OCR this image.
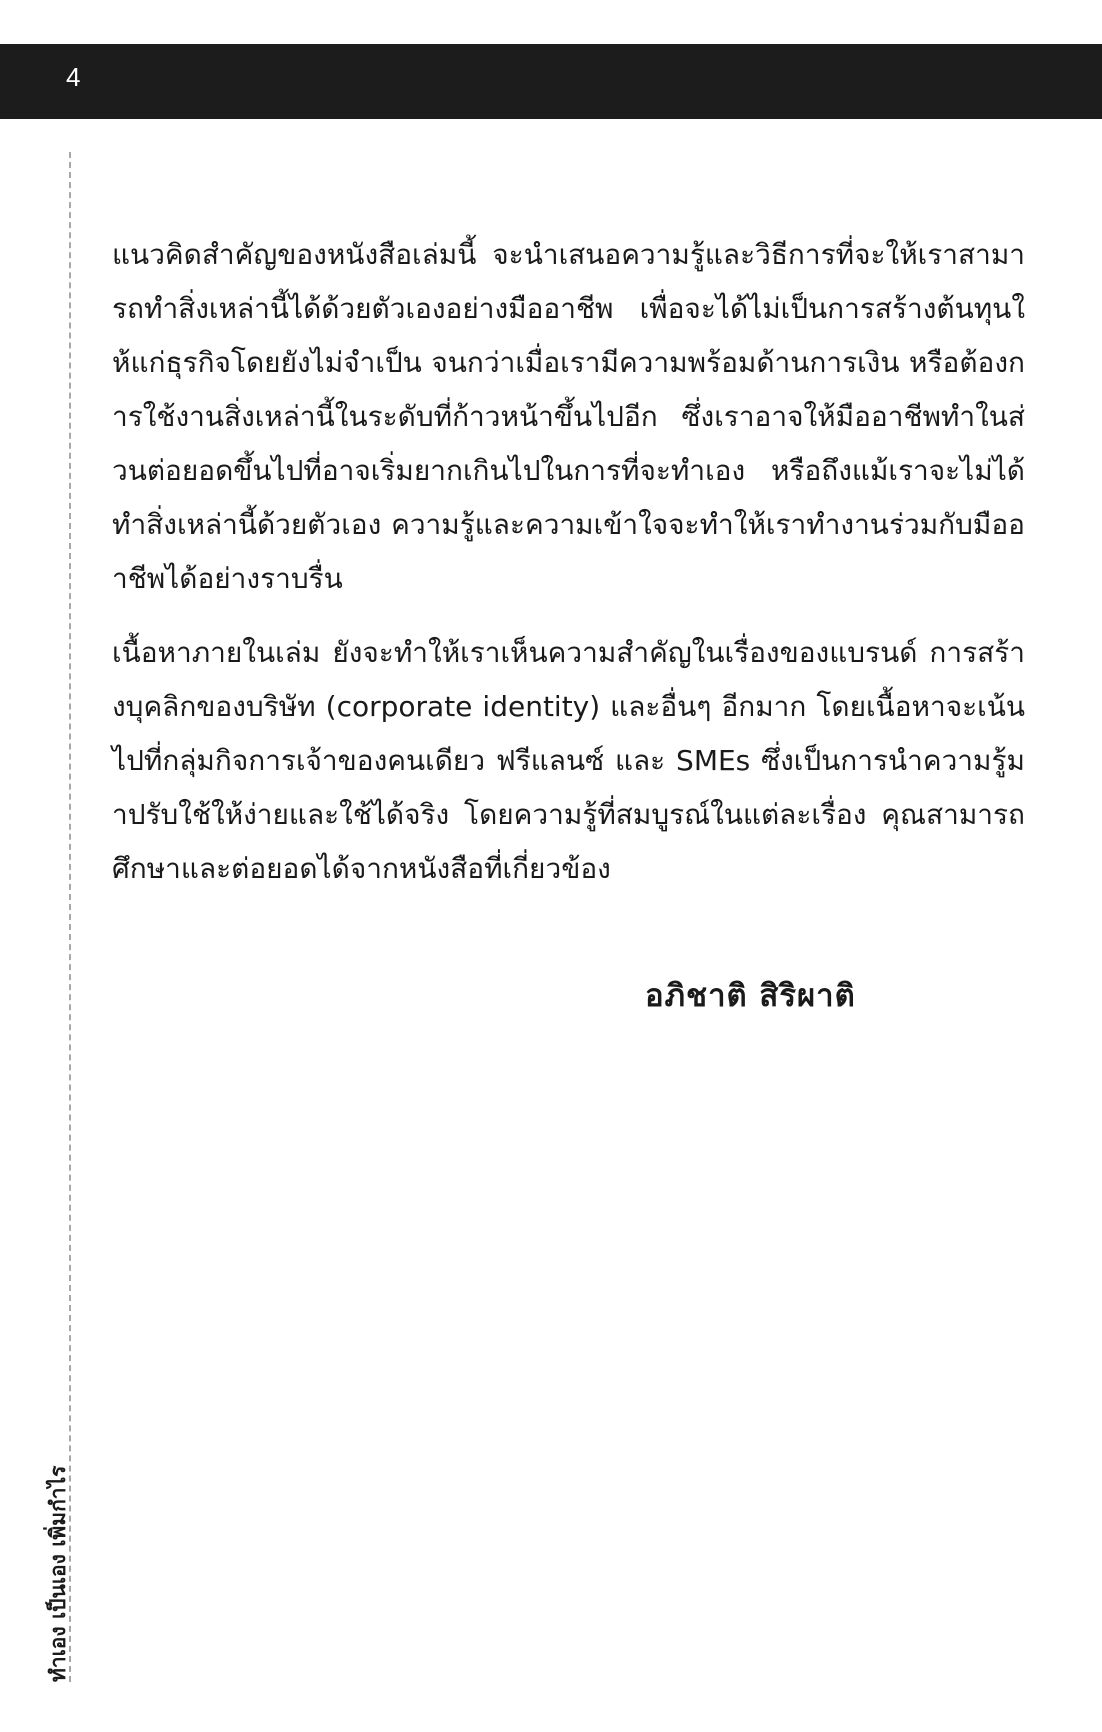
4
ทำเอง เป็นเอง เพิ่มกำไร

แนวคิดสำคัญของหนังสือเล่มนี้ จะนำเสนอความรู้และวิธีการที่จะให้เราสามารถทำสิ่งเหล่านี้ได้ด้วยตัวเองอย่างมืออาชีพ เพื่อจะได้ไม่เป็นการสร้างต้นทุนให้แก่ธุรกิจโดยยังไม่จำเป็น จนกว่าเมื่อเรามีความพร้อมด้านการเงิน หรือต้องการใช้งานสิ่งเหล่านี้ในระดับที่ก้าวหน้าขึ้นไปอีก ซึ่งเราอาจให้มืออาชีพทำในส่วนต่อยอดขึ้นไปที่อาจเริ่มยากเกินไปในการที่จะทำเอง หรือถึงแม้เราจะไม่ได้ทำสิ่งเหล่านี้ด้วยตัวเอง ความรู้และความเข้าใจจะทำให้เราทำงานร่วมกับมืออาชีพได้อย่างราบรื่น

เนื้อหาภายในเล่ม ยังจะทำให้เราเห็นความสำคัญในเรื่องของแบรนด์ การสร้างบุคลิกของบริษัท (corporate identity) และอื่นๆ อีกมาก โดยเนื้อหาจะเน้นไปที่กลุ่มกิจการเจ้าของคนเดียว ฟรีแลนซ์ และ SMEs ซึ่งเป็นการนำความรู้มาปรับใช้ให้ง่ายและใช้ได้จริง โดยความรู้ที่สมบูรณ์ในแต่ละเรื่อง คุณสามารถศึกษาและต่อยอดได้จากหนังสือที่เกี่ยวข้อง

อภิชาติ สิริผาติ
